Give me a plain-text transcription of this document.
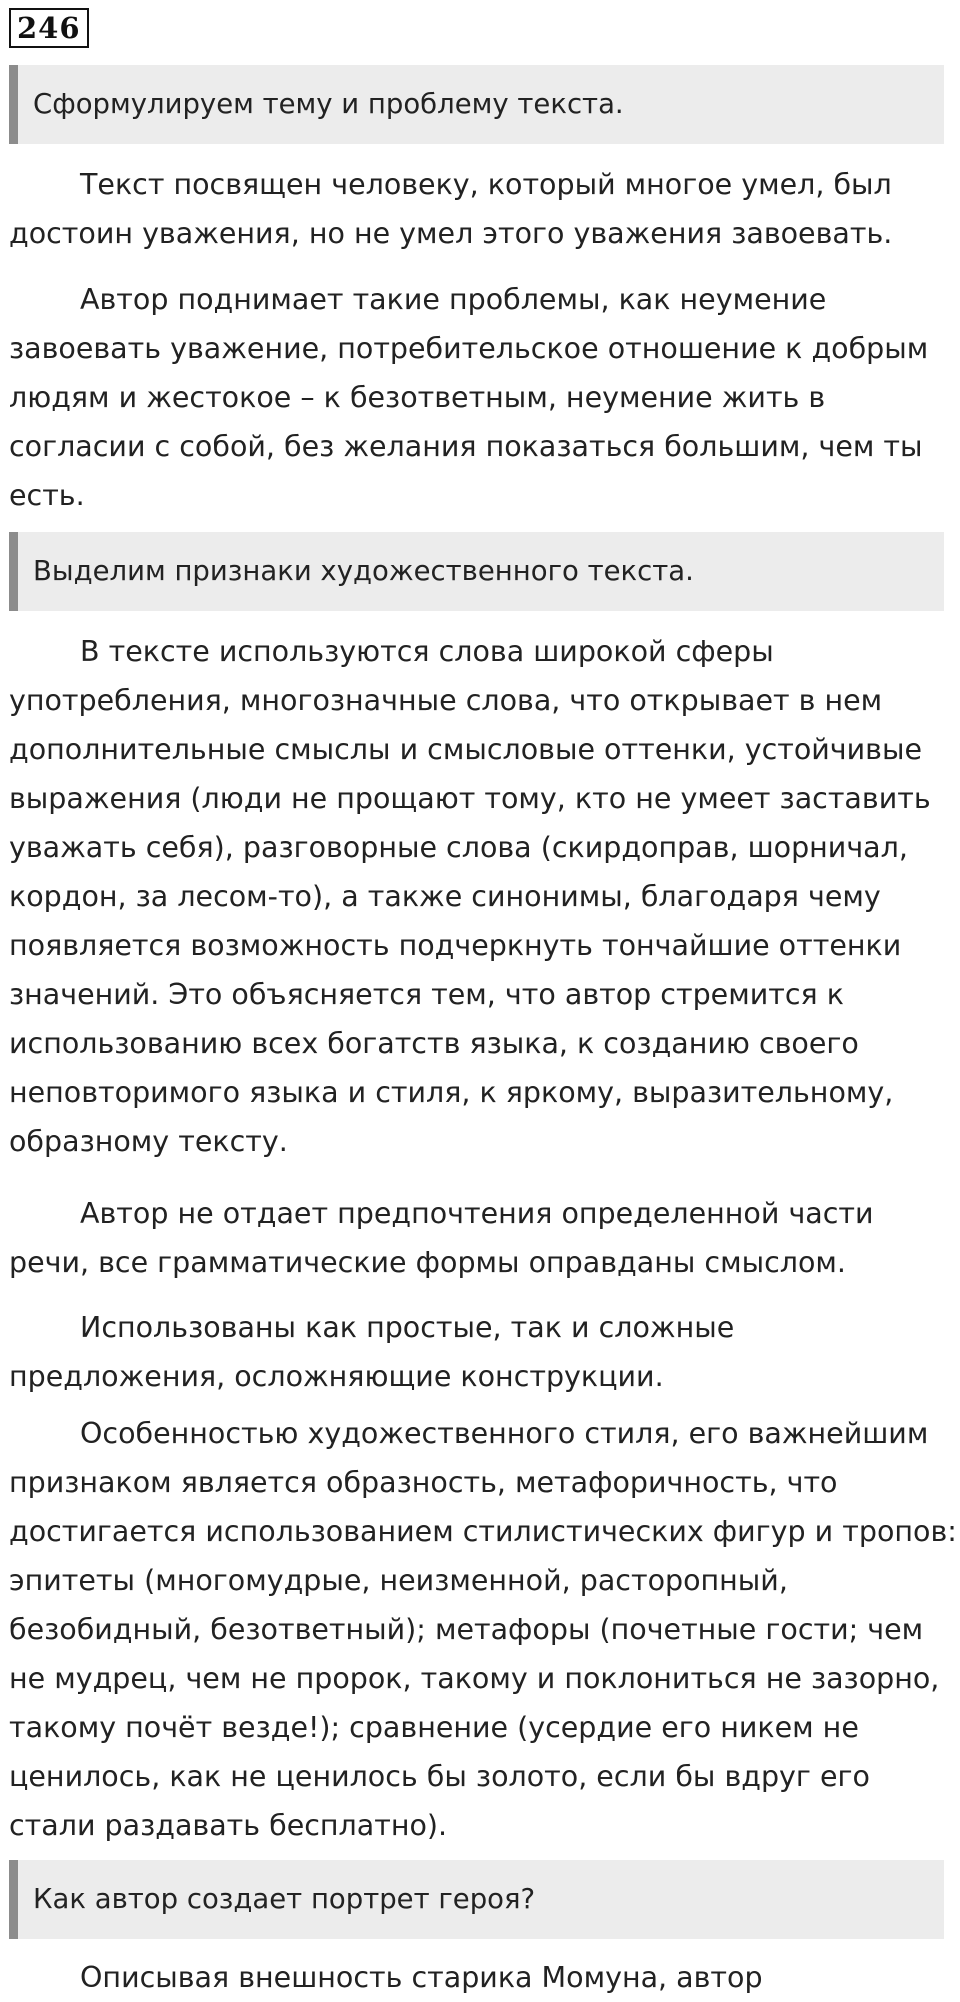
246
Сформулируем тему и проблему текста.

Текст посвящен человеку, который многое умел, был достоин уважения, но не умел этого уважения завоевать.

Автор поднимает такие проблемы, как неумение завоевать уважение, потребительское отношение к добрым людям и жестокое – к безответным, неумение жить в согласии с собой, без желания показаться большим, чем ты есть.

Выделим признаки художественного текста.

В тексте используются слова широкой сферы употребления, многозначные слова, что открывает в нем дополнительные смыслы и смысловые оттенки, устойчивые выражения (люди не прощают тому, кто не умеет заставить уважать себя), разговорные слова (скирдоправ, шорничал, кордон, за лесом-то), а также синонимы, благодаря чему появляется возможность подчеркнуть тончайшие оттенки значений. Это объясняется тем, что автор стремится к использованию всех богатств языка, к созданию своего неповторимого языка и стиля, к яркому, выразительному, образному тексту.

Автор не отдает предпочтения определенной части речи, все грамматические формы оправданы смыслом.

Использованы как простые, так и сложные предложения, осложняющие конструкции.

Особенностью художественного стиля, его важнейшим признаком является образность, метафоричность, что достигается использованием стилистических фигур и тропов: эпитеты (многомудрые, неизменной, расторопный, безобидный, безответный); метафоры (почетные гости; чем не мудрец, чем не пророк, такому и поклониться не зазорно, такому почёт везде!); сравнение (усердие его никем не ценилось, как не ценилось бы золото, если бы вдруг его стали раздавать бесплатно).

Как автор создает портрет героя?

Описывая внешность старика Момуна, автор
